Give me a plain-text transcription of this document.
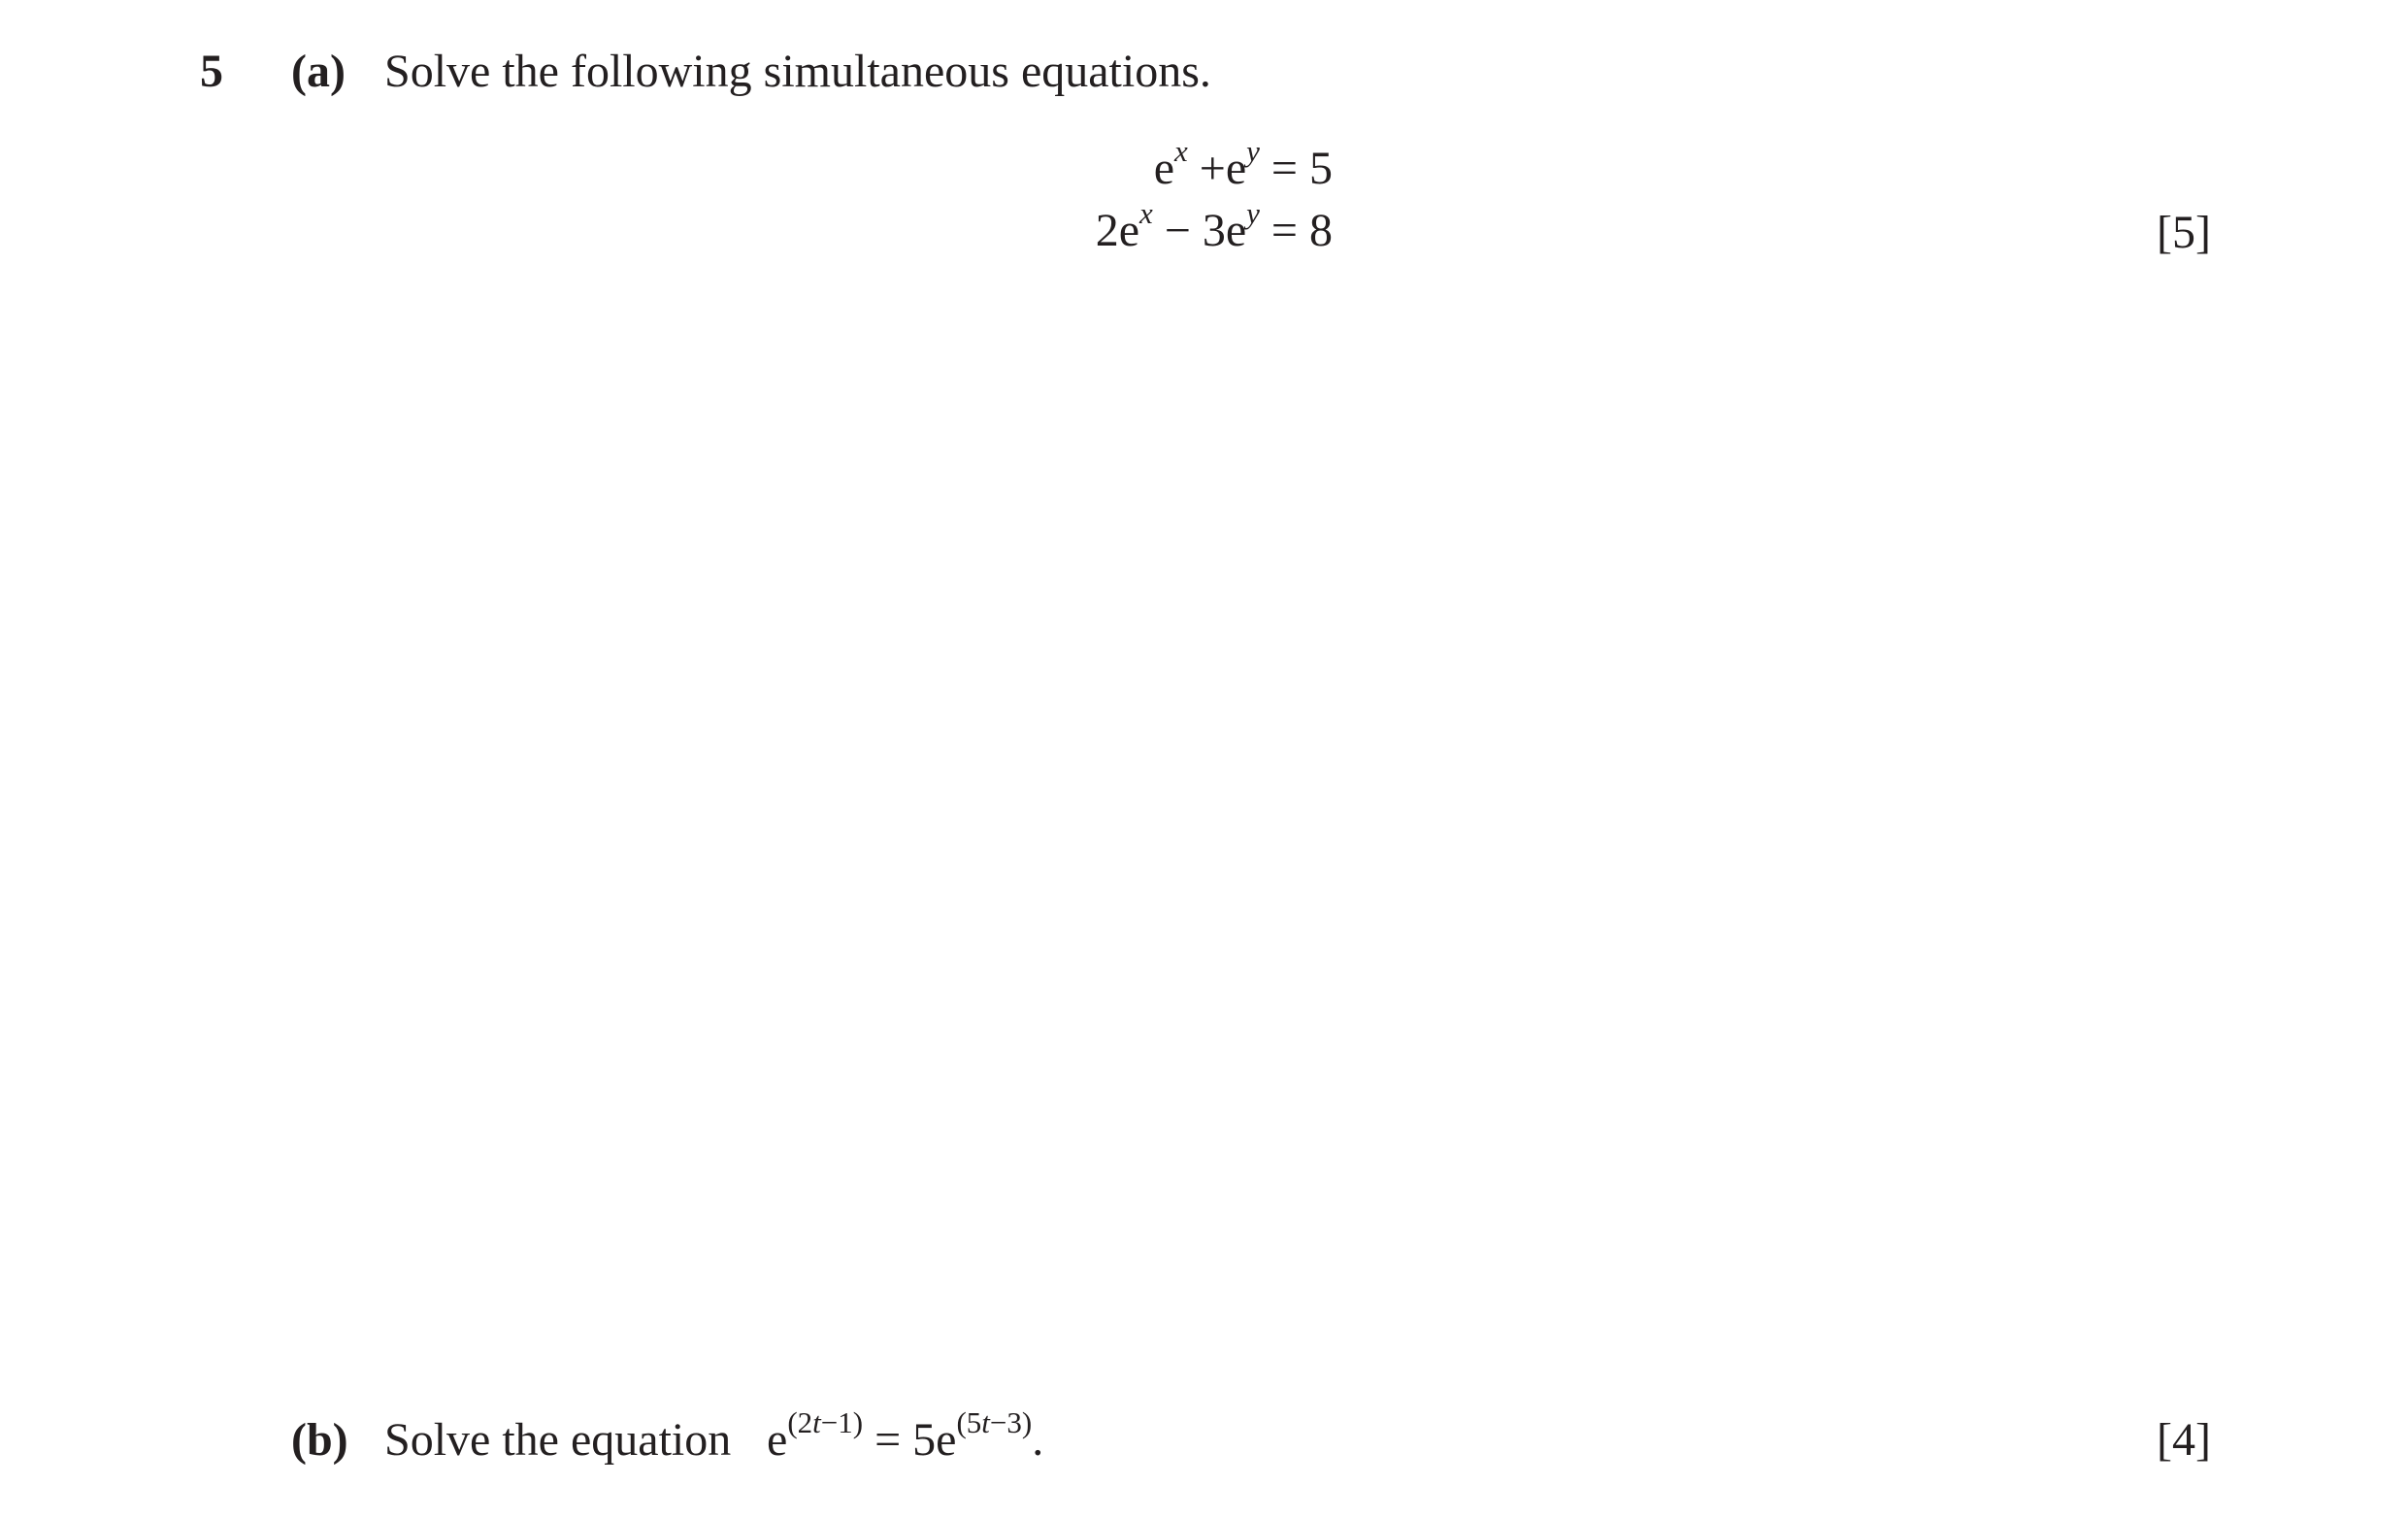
5 (a) Solve the following simultaneous equations.
$e^x +e^y = 5$
$2e^x - 3e^y = 8$	[5]
(b) Solve the equation $e^{(2t-1)} = 5e^{(5t-3)}$.	[4]
